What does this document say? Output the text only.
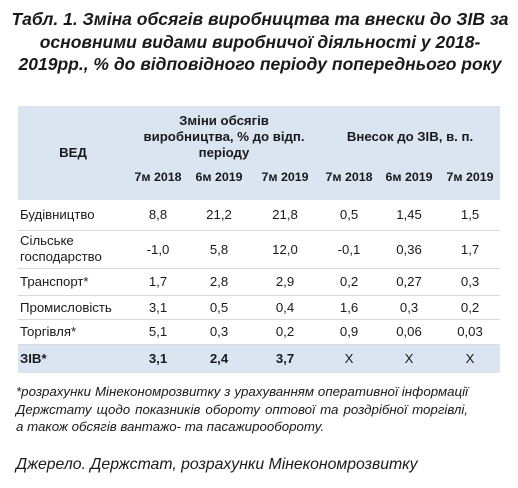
Табл. 1. Зміна обсягів виробництва та внески до ЗІВ за основними видами виробничої діяльності у 2018-2019рр., % до відповідного періоду попереднього року
ВЕД	Зміни обсягів виробництва, % до відп. періоду			Внесок до ЗІВ, в. п.		
	7м 2018	6м 2019	7м 2019	7м 2018	6м 2019	7м 2019
Будівництво	8,8	21,2	21,8	0,5	1,45	1,5
Сільське господарство	-1,0	5,8	12,0	-0,1	0,36	1,7
Транспорт*	1,7	2,8	2,9	0,2	0,27	0,3
Промисловість	3,1	0,5	0,4	1,6	0,3	0,2
Торгівля*	5,1	0,3	0,2	0,9	0,06	0,03
ЗІВ*	3,1	2,4	3,7	X	X	X
*розрахунки Мінекономрозвитку з урахуванням оперативної інформації Держстату щодо показників обороту оптової та роздрібної торгівлі, а також обсягів вантажо- та пасажирообороту.
Джерело. Держстат, розрахунки Мінекономрозвитку
